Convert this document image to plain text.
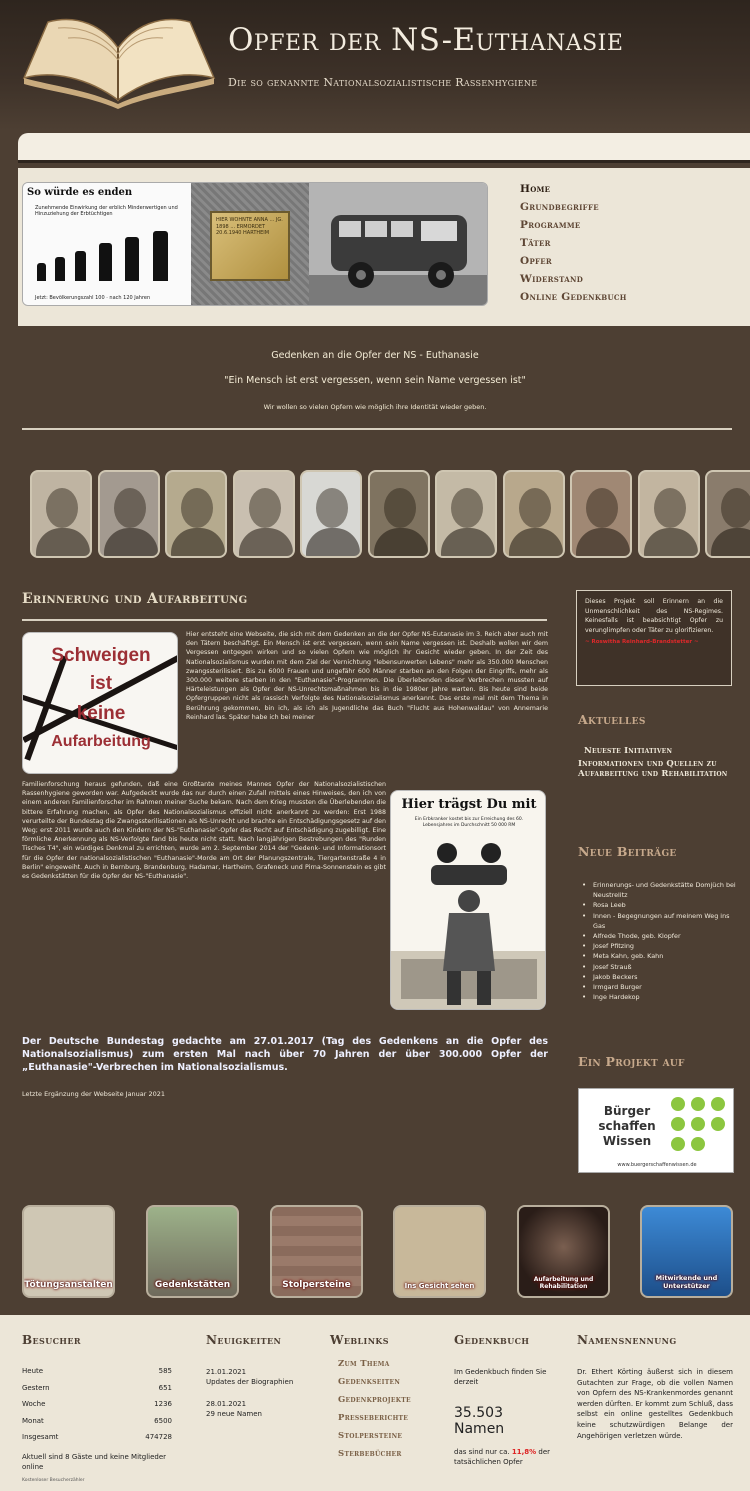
Opfer der NS-Euthanasie
Die so genannte Nationalsozialistische Rassenhygiene
So würde es enden
Zunehmende Einwirkung der erblich Minderwertigen und Hinzuziehung der Erbtüchtigen
Jetzt: Bevölkerungszahl 100 · nach 120 Jahren
HIER WOHNTE ANNA ... JG. 1898 ... ERMORDET 20.6.1940 HARTHEIM
Home
Grundbegriffe
Programme
Täter
Opfer
Widerstand
Online Gedenkbuch
Gedenken an die Opfer der NS - Euthanasie
"Ein Mensch ist erst vergessen, wenn sein Name vergessen ist"
Wir wollen so vielen Opfern wie möglich ihre Identität wieder geben.
Erinnerung und Aufarbeitung
Hier entsteht eine Webseite, die sich mit dem Gedenken an die der Opfer NS-Eutanasie im 3. Reich aber auch mit den Tätern beschäftigt. Ein Mensch ist erst vergessen, wenn sein Name vergessen ist. Deshalb wollen wir dem Vergessen entgegen wirken und so vielen Opfern wie möglich ihr Gesicht wieder geben. In der Zeit des Nationalsozialismus wurden mit dem Ziel der Vernichtung "lebensunwerten Lebens" mehr als 350.000 Menschen zwangssterilisiert. Bis zu 6000 Frauen und ungefähr 600 Männer starben an den Folgen der Eingriffs, mehr als 300.000 weitere starben in den "Euthanasie"-Programmen. Die Überlebenden dieser Verbrechen mussten auf Härteleistungen als Opfer der NS-Unrechtsmaßnahmen bis in die 1980er Jahre warten. Bis heute sind beide Opfergruppen nicht als rassisch Verfolgte des Nationalsozialismus anerkannt. Das erste mal mit dem Thema in Berührung gekommen, bin ich, als ich als Jugendliche das Buch "Flucht aus Hohenwaldau" von Annemarie Reinhard las. Später habe ich bei meiner
Familienforschung heraus gefunden, daß eine Großtante meines Mannes Opfer der Nationalsozialistischen Rassenhygiene geworden war. Aufgedeckt wurde das nur durch einen Zufall mittels eines Hinweises, den ich von einem anderen Familienforscher im Rahmen meiner Suche bekam. Nach dem Krieg mussten die Überlebenden die bittere Erfahrung machen, als Opfer des Nationalsozialismus offiziell nicht anerkannt zu werden: Erst 1988 verurteilte der Bundestag die Zwangssterilisationen als NS-Unrecht und brachte ein Entschädigungsgesetz auf den Weg; erst 2011 wurde auch den Kindern der NS-"Euthanasie"-Opfer das Recht auf Entschädigung zugebilligt. Eine förmliche Anerkennung als NS-Verfolgte fand bis heute nicht statt. Nach langjährigen Bestrebungen des "Runden Tisches T4", ein würdiges Denkmal zu errichten, wurde am 2. September 2014 der "Gedenk- und Informationsort für die Opfer der nationalsozialistischen "Euthanasie"-Morde am Ort der Planungszentrale, Tiergartenstraße 4 in Berlin" eingeweiht. Auch in Bernburg, Brandenburg, Hadamar, Hartheim, Grafeneck und Pirna-Sonnenstein es gibt es Gedenkstätten für die Opfer der NS-"Euthanasie".
Schweigen
ist
keine
Aufarbeitung
Hier trägst Du mit
Ein Erbkranker kostet bis zur Erreichung des 60. Lebensjahres im Durchschnitt 50 000 RM
Der Deutsche Bundestag gedachte am 27.01.2017 (Tag des Gedenkens an die Opfer des Nationalsozialismus) zum ersten Mal nach über 70 Jahren der über 300.000 Opfer der „Euthanasie"-Verbrechen im Nationalsozialismus.
Letzte Ergänzung der Webseite Januar 2021
Dieses Projekt soll Erinnern an die Unmenschlichkeit des NS-Regimes. Keinesfalls ist beabsichtigt Opfer zu verunglimpfen oder Täter zu glorifizieren.
~ Roswitha Reinhard-Brandstetter ~
Aktuelles
Neueste Initiativen
Informationen und Quellen zu Aufarbeitung und Rehabilitation
Neue Beiträge
• Erinnerungs- und Gedenkstätte Domjüch bei Neustrelitz
• Rosa Leeb
• Innen - Begegnungen auf meinem Weg ins Gas
• Alfrede Thode, geb. Klopfer
• Josef Pfitzing
• Meta Kahn, geb. Kahn
• Josef Strauß
• Jakob Beckers
• Irmgard Burger
• Inge Hardekop
Ein Projekt auf
Bürger schaffen Wissen
www.buergerschaffenwissen.de
Tötungsanstalten	Gedenkstätten	Stolpersteine	Ins Gesicht sehen
Aufarbeitung und Rehabilitation
Mitwirkende und Unterstützer
Besucher
Heute	585
Gestern	651
Woche	1236
Monat	6500
Insgesamt	474728
Aktuell sind 8 Gäste und keine Mitglieder online
Kostenloser Besucherzähler
Neuigkeiten
21.01.2021
Updates der Biographien
28.01.2021
29 neue Namen
Weblinks
Zum Thema
Gedenkseiten
Gedenkprojekte
Presseberichte
Stolpersteine
Sterbebücher
Gedenkbuch
Im Gedenkbuch finden Sie derzeit
35.503
Namen
das sind nur ca. 11,8% der tatsächlichen Opfer
Namensnennung
Dr. Ethert Körting äußerst sich in diesem Gutachten zur Frage, ob die vollen Namen von Opfern des NS-Krankenmordes genannt werden dürften. Er kommt zum Schluß, dass selbst ein online gestelltes Gedenkbuch keine schutzwürdigen Belange der Angehörigen verletzen würde.
